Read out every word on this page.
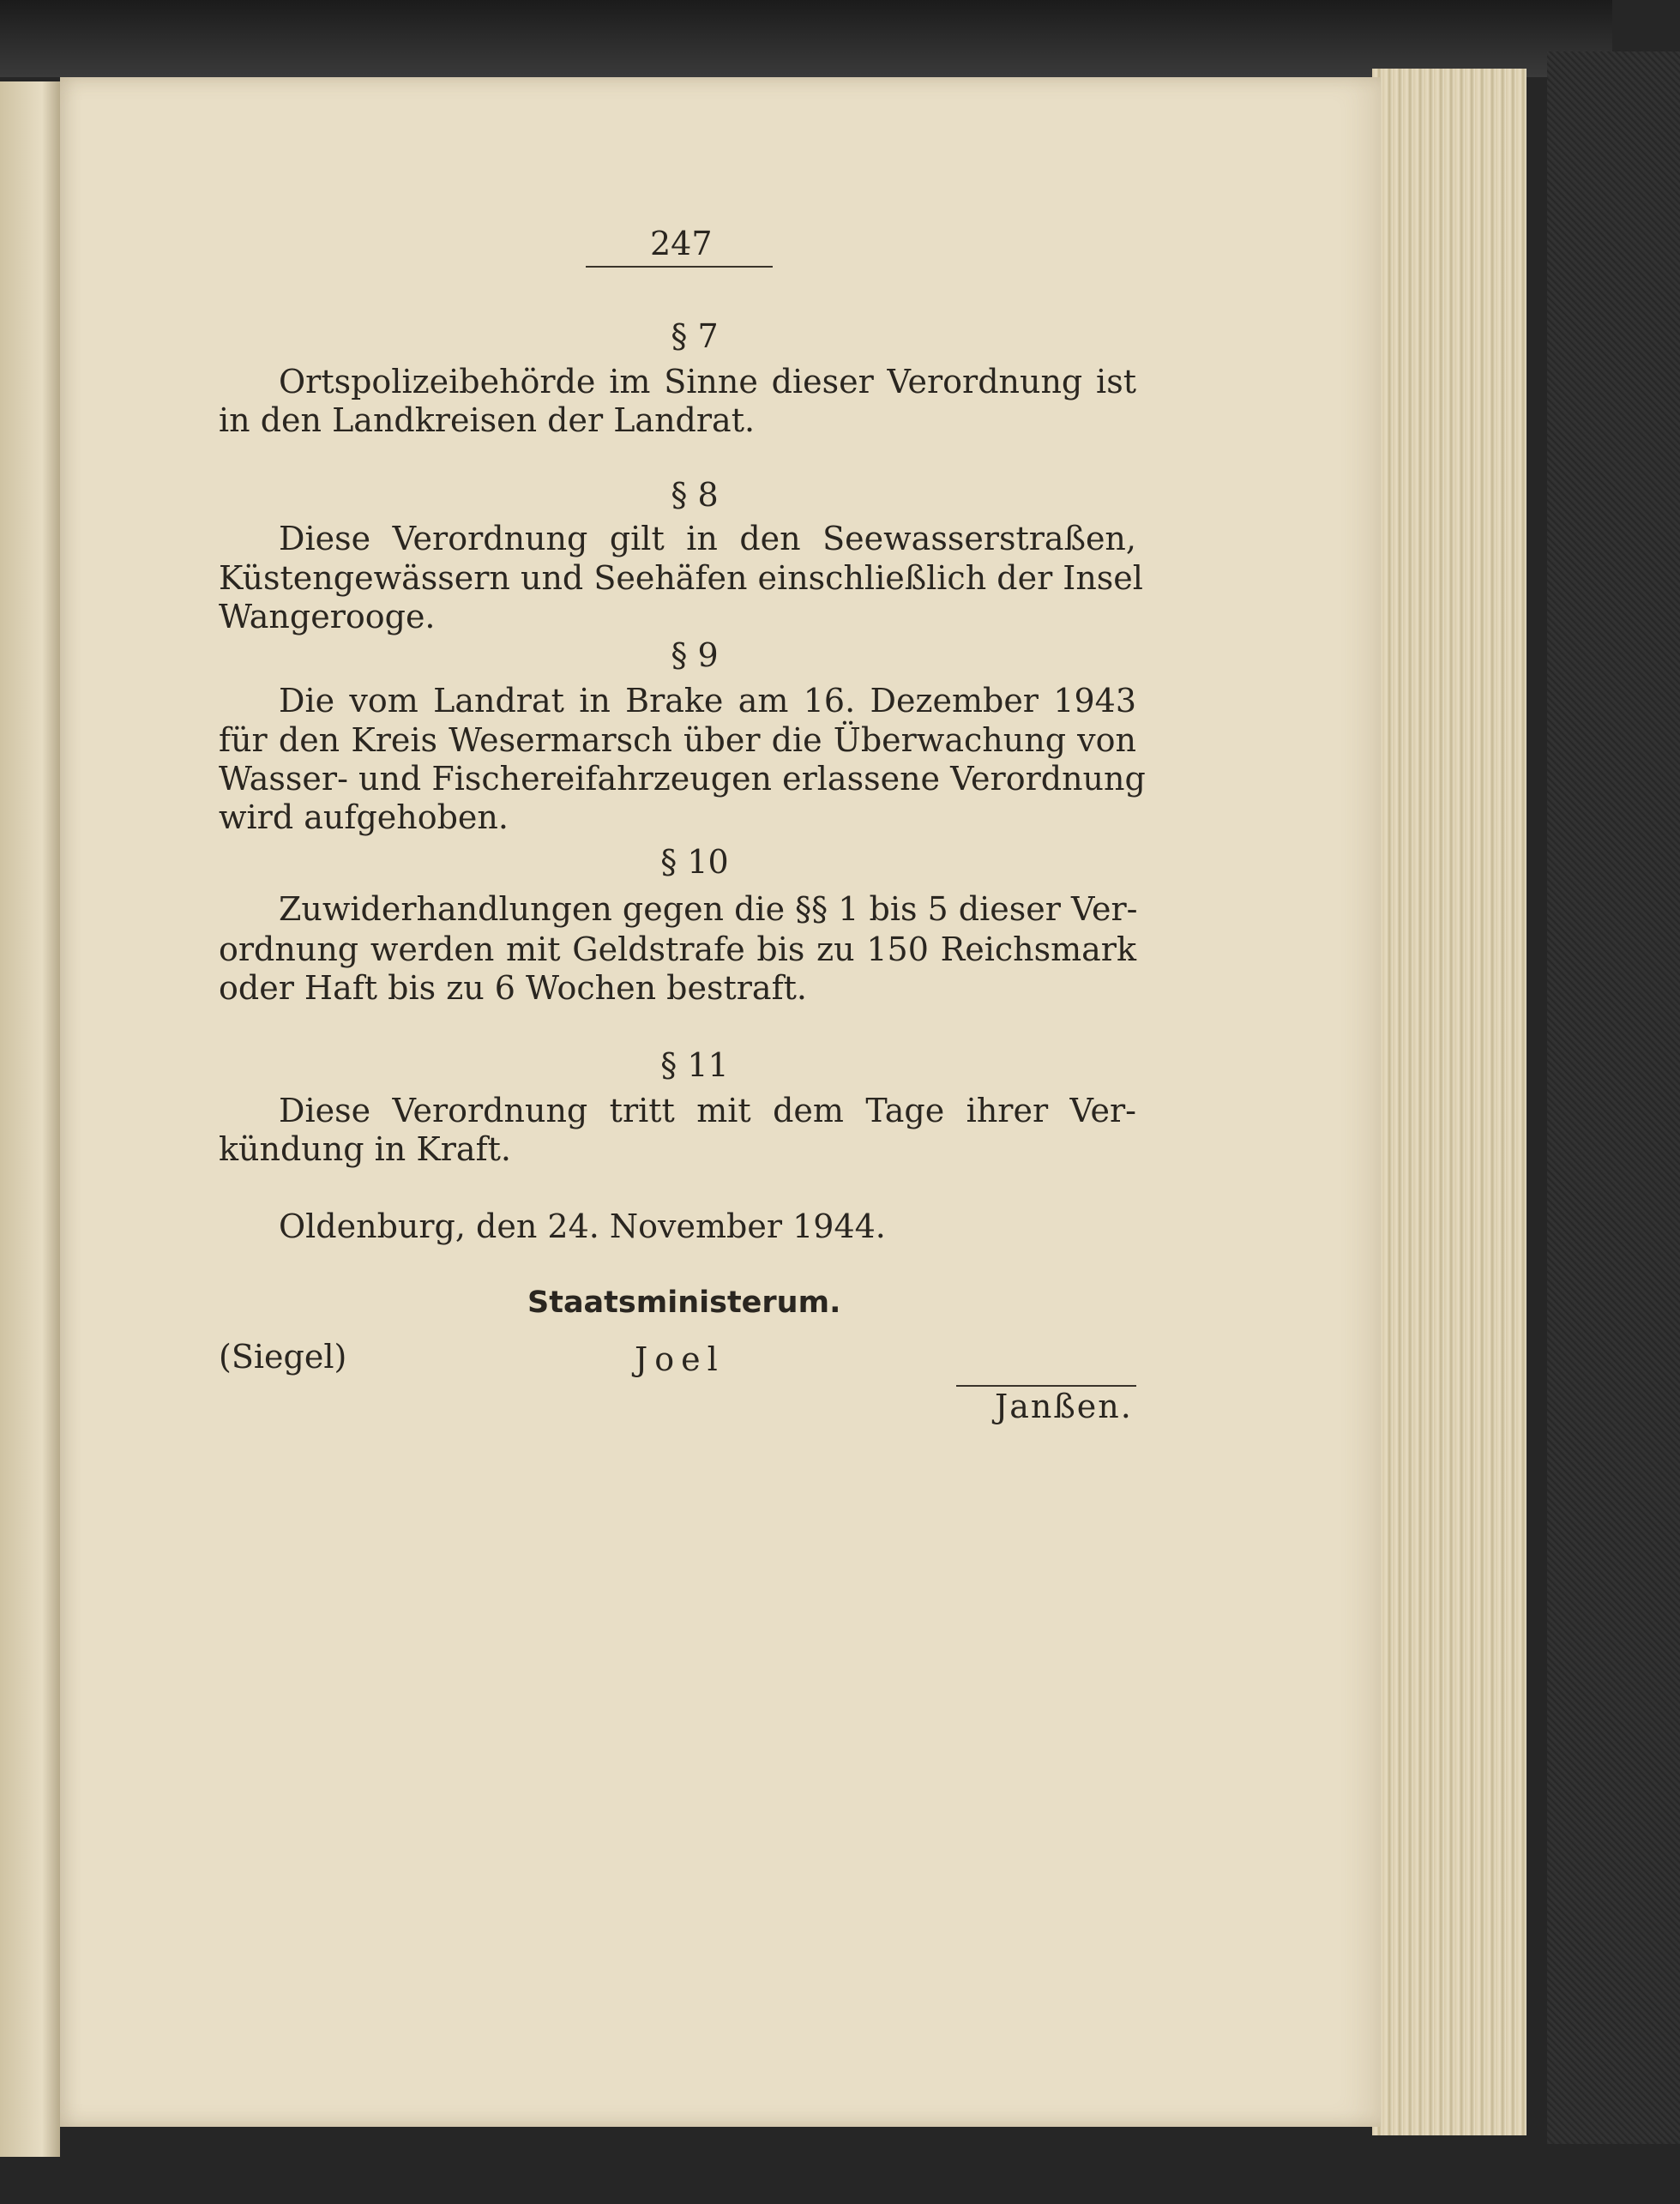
247
§ 7
Ortspolizeibehörde im Sinne dieser Verordnung ist
in den Landkreisen der Landrat.
§ 8
Diese Verordnung gilt in den Seewasserstraßen,
Küstengewässern und Seehäfen einschließlich der Insel
Wangerooge.
§ 9
Die vom Landrat in Brake am 16. Dezember 1943
für den Kreis Wesermarsch über die Überwachung von
Wasser- und Fischereifahrzeugen erlassene Verordnung
wird aufgehoben.
§ 10
Zuwiderhandlungen gegen die §§ 1 bis 5 dieser Ver-
ordnung werden mit Geldstrafe bis zu 150 Reichsmark
oder Haft bis zu 6 Wochen bestraft.
§ 11
Diese Verordnung tritt mit dem Tage ihrer Ver-
kündung in Kraft.
Oldenburg, den 24. November 1944.
Staatsministerum.
(Siegel)	Joel
Janßen.
